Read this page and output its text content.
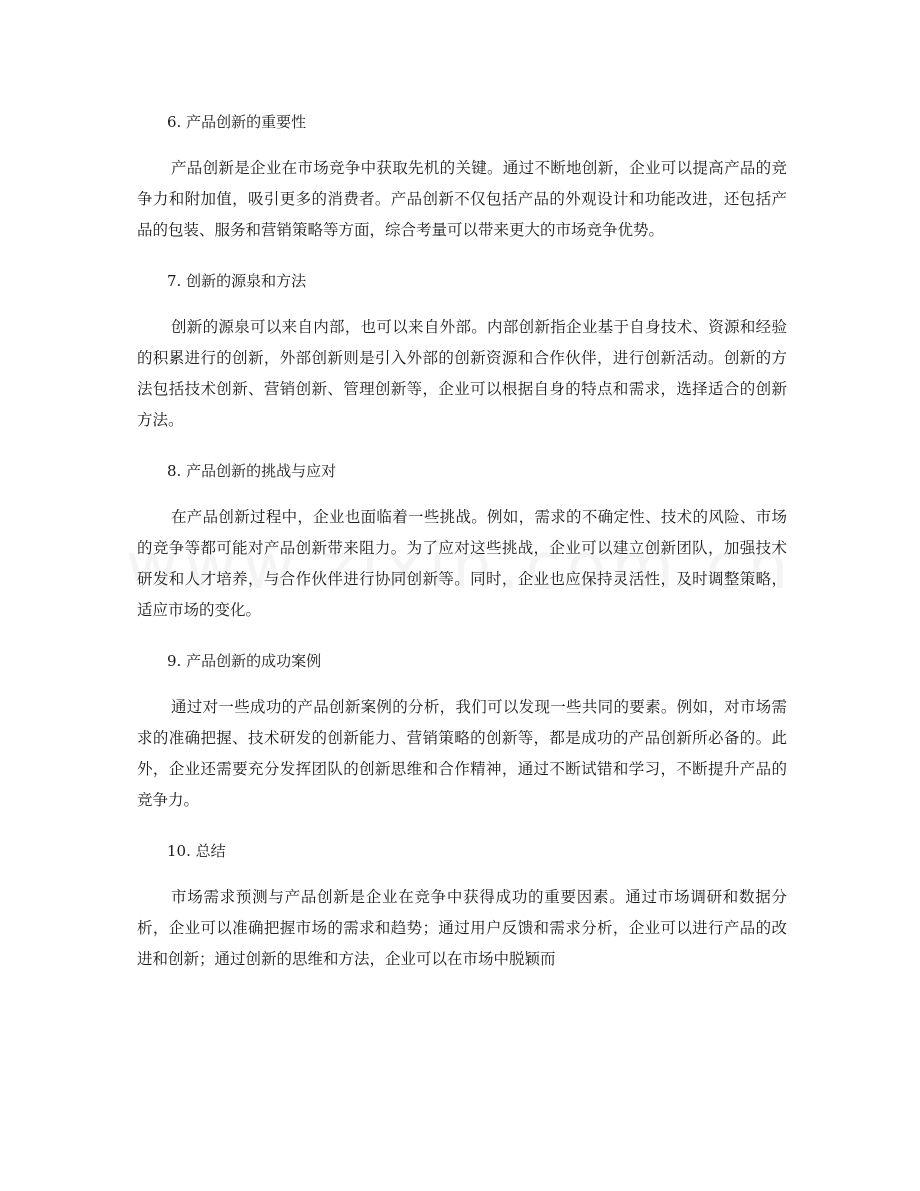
6. 产品创新的重要性

产品创新是企业在市场竞争中获取先机的关键。通过不断地创新，企业可以提高产品的竞争力和附加值，吸引更多的消费者。产品创新不仅包括产品的外观设计和功能改进，还包括产品的包装、服务和营销策略等方面，综合考量可以带来更大的市场竞争优势。

7. 创新的源泉和方法

创新的源泉可以来自内部，也可以来自外部。内部创新指企业基于自身技术、资源和经验的积累进行的创新，外部创新则是引入外部的创新资源和合作伙伴，进行创新活动。创新的方法包括技术创新、营销创新、管理创新等，企业可以根据自身的特点和需求，选择适合的创新方法。

8. 产品创新的挑战与应对

在产品创新过程中，企业也面临着一些挑战。例如，需求的不确定性、技术的风险、市场的竞争等都可能对产品创新带来阻力。为了应对这些挑战，企业可以建立创新团队，加强技术研发和人才培养，与合作伙伴进行协同创新等。同时，企业也应保持灵活性，及时调整策略，适应市场的变化。

9. 产品创新的成功案例

通过对一些成功的产品创新案例的分析，我们可以发现一些共同的要素。例如，对市场需求的准确把握、技术研发的创新能力、营销策略的创新等，都是成功的产品创新所必备的。此外，企业还需要充分发挥团队的创新思维和合作精神，通过不断试错和学习，不断提升产品的竞争力。

10. 总结

市场需求预测与产品创新是企业在竞争中获得成功的重要因素。通过市场调研和数据分析，企业可以准确把握市场的需求和趋势；通过用户反馈和需求分析，企业可以进行产品的改进和创新；通过创新的思维和方法，企业可以在市场中脱颖而
